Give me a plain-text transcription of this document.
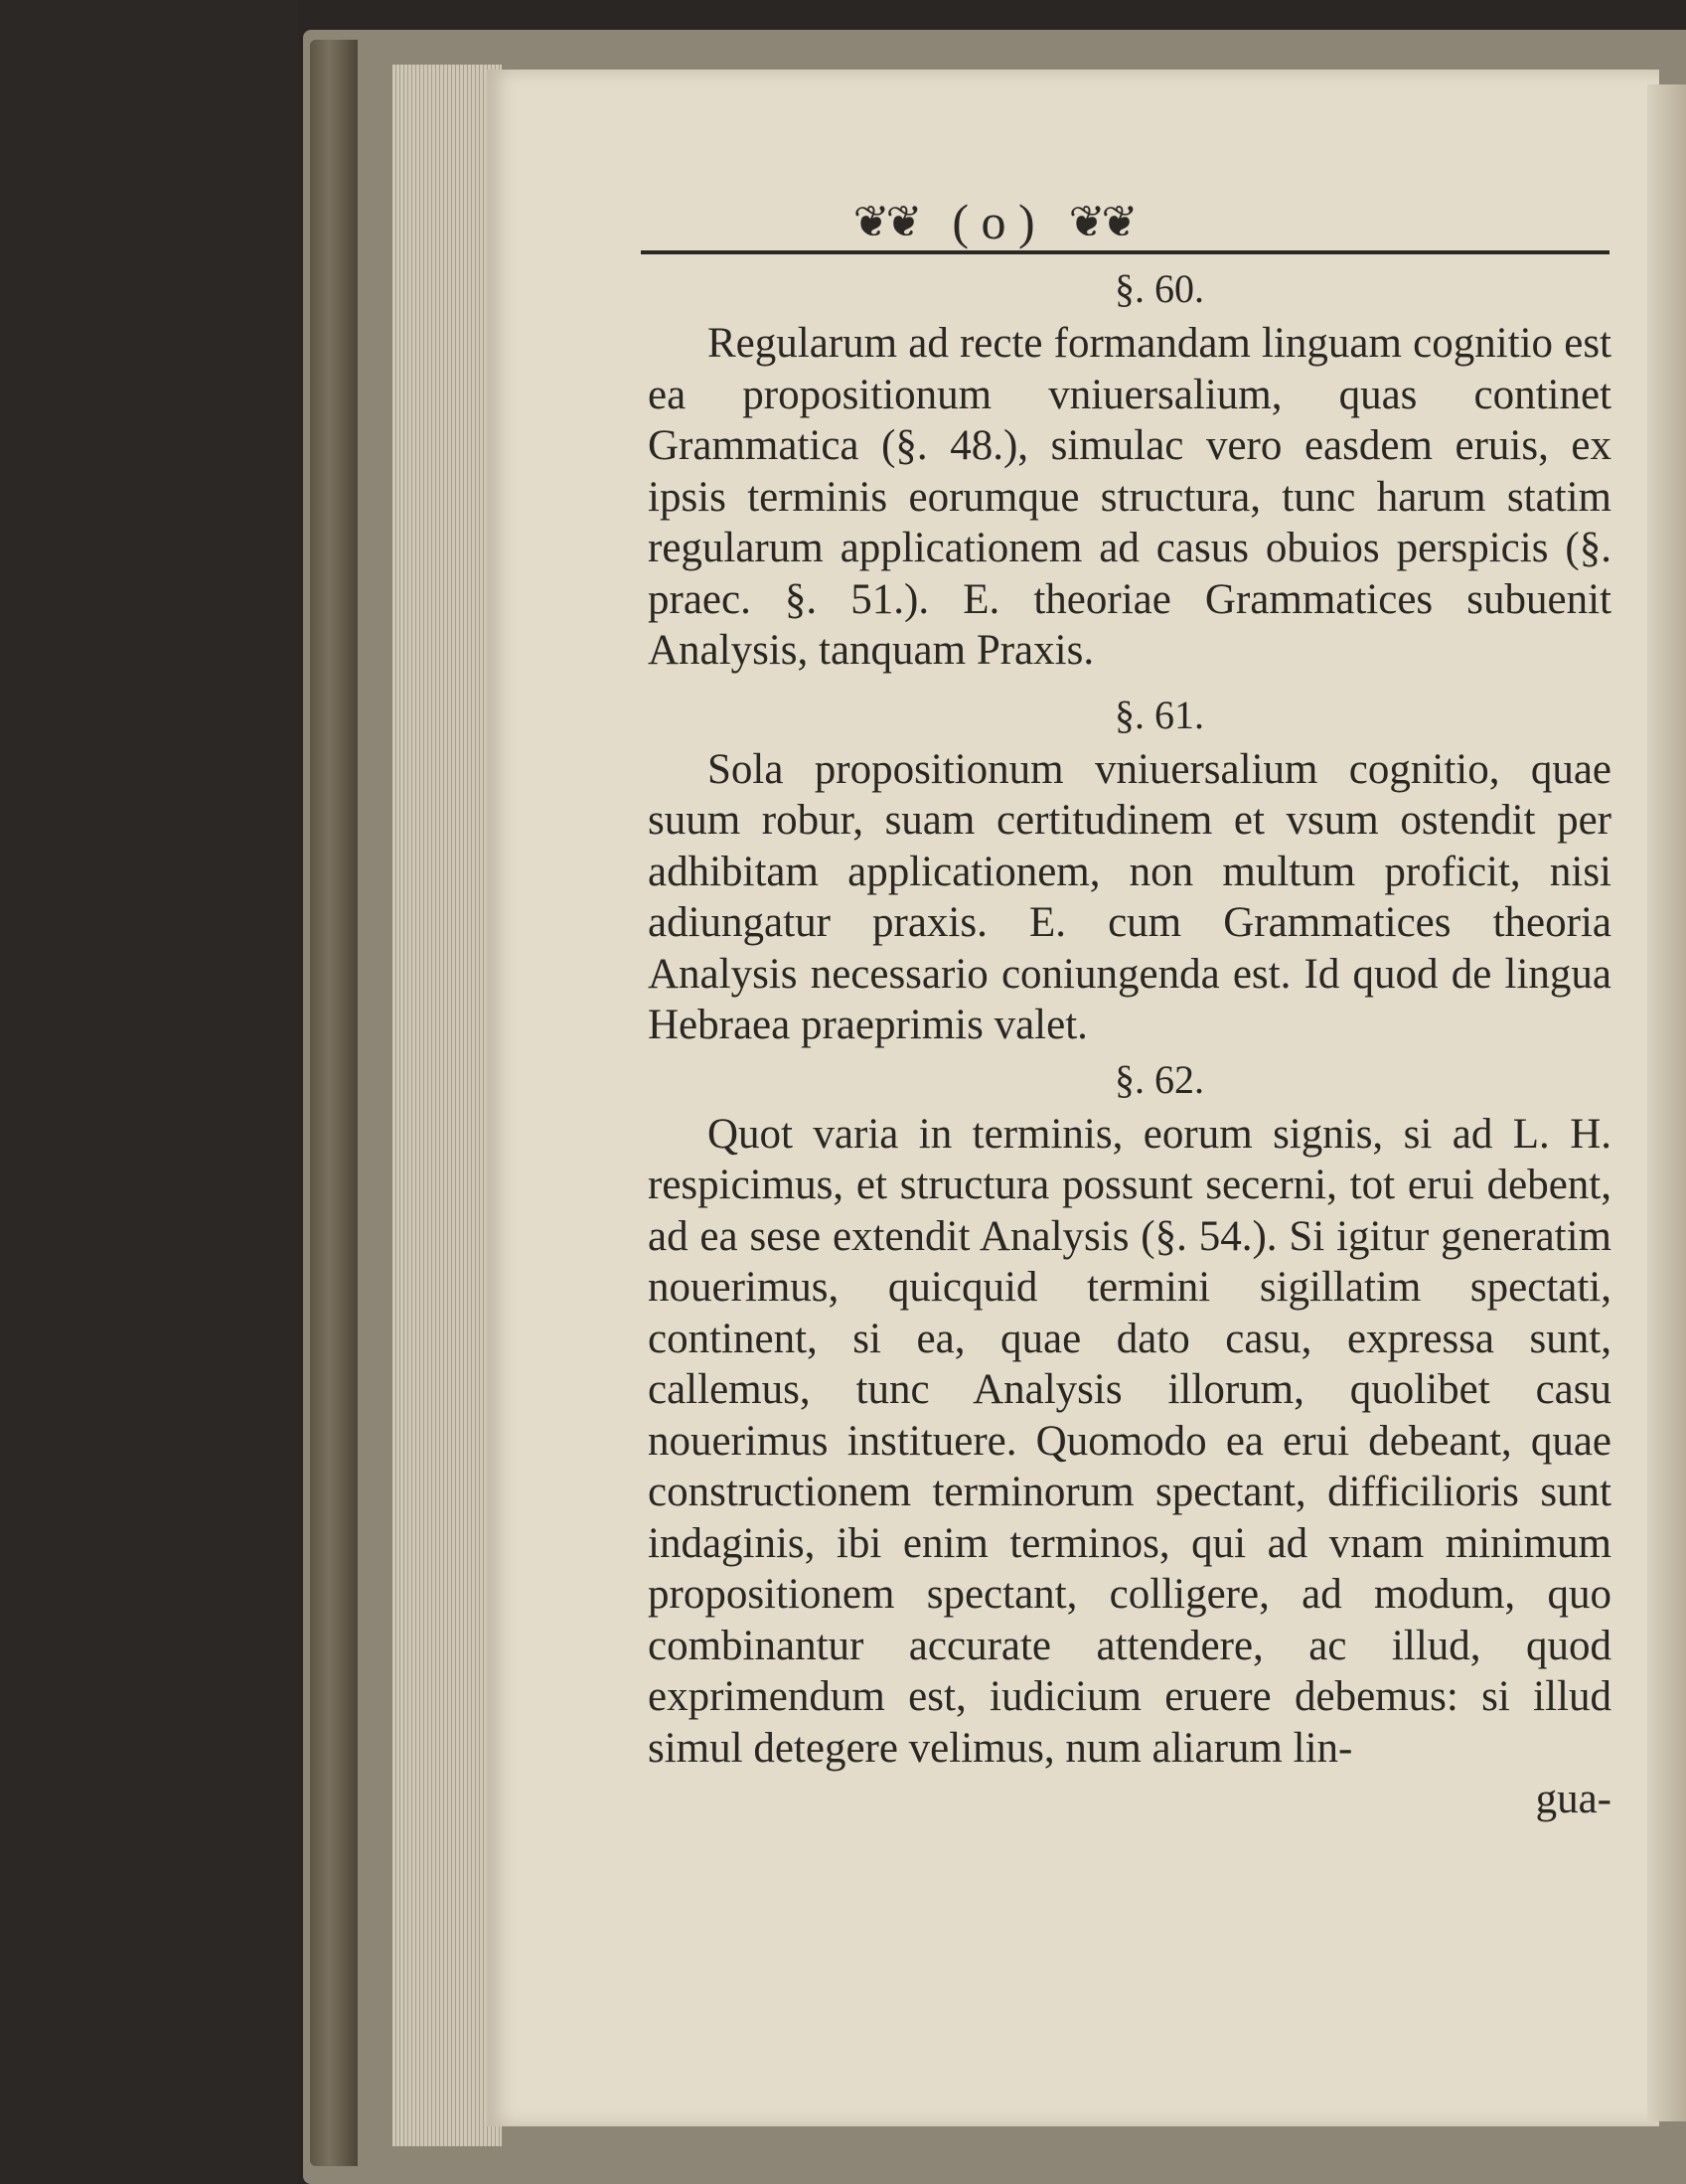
❦❦ ( o ) ❦❦
§. 60.

Regularum ad recte formandam linguam cognitio est ea propositionum vniuersalium, quas continet Grammatica (§. 48.), simulac vero easdem eruis, ex ipsis terminis eorumque structura, tunc harum statim regularum applicationem ad casus obuios perspicis (§. praec. §. 51.). E. theoriae Grammatices subuenit Analysis, tanquam Praxis.

§. 61.

Sola propositionum vniuersalium cognitio, quae suum robur, suam certitudinem et vsum ostendit per adhibitam applicationem, non multum proficit, nisi adiungatur praxis. E. cum Grammatices theoria Analysis necessario coniungenda est. Id quod de lingua Hebraea praeprimis valet.

§. 62.

Quot varia in terminis, eorum signis, si ad L. H. respicimus, et structura possunt secerni, tot erui debent, ad ea sese extendit Analysis (§. 54.). Si igitur generatim nouerimus, quicquid termini sigillatim spectati, continent, si ea, quae dato casu, expressa sunt, callemus, tunc Analysis illorum, quolibet casu nouerimus instituere. Quomodo ea erui debeant, quae constructionem terminorum spectant, difficilioris sunt indaginis, ibi enim terminos, qui ad vnam minimum propositionem spectant, colligere, ad modum, quo combinantur accurate attendere, ac illud, quod exprimendum est, iudicium eruere debemus: si illud simul detegere velimus, num aliarum lin-

gua-
